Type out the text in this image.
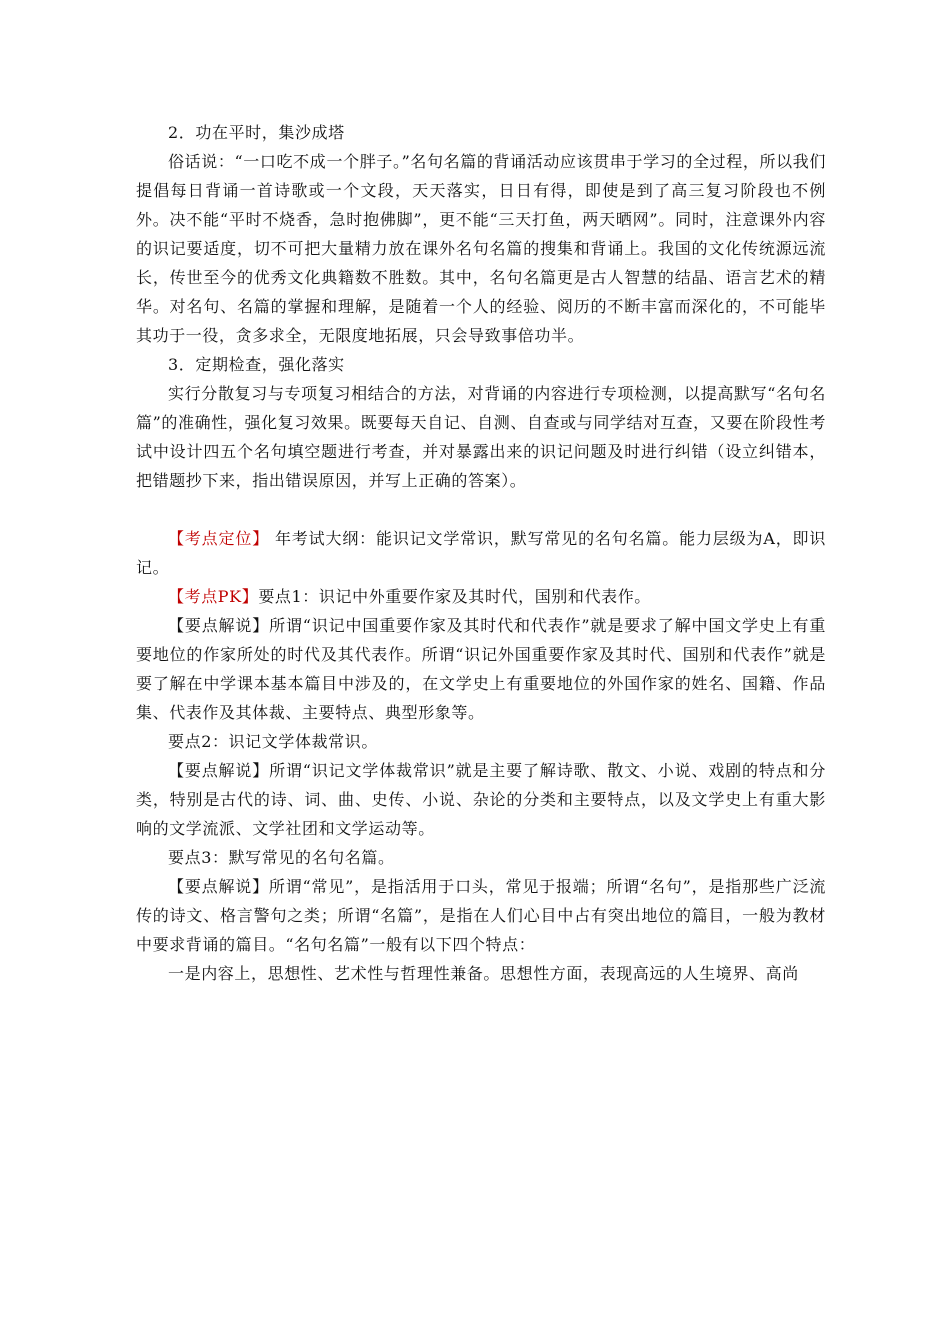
2．功在平时，集沙成塔

俗话说：“一口吃不成一个胖子。”名句名篇的背诵活动应该贯串于学习的全过程，所以我们提倡每日背诵一首诗歌或一个文段，天天落实，日日有得，即使是到了高三复习阶段也不例外。决不能“平时不烧香，急时抱佛脚”，更不能“三天打鱼，两天晒网”。同时，注意课外内容的识记要适度，切不可把大量精力放在课外名句名篇的搜集和背诵上。我国的文化传统源远流长，传世至今的优秀文化典籍数不胜数。其中，名句名篇更是古人智慧的结晶、语言艺术的精华。对名句、名篇的掌握和理解，是随着一个人的经验、阅历的不断丰富而深化的，不可能毕其功于一役，贪多求全，无限度地拓展，只会导致事倍功半。

3．定期检查，强化落实

实行分散复习与专项复习相结合的方法，对背诵的内容进行专项检测，以提高默写“名句名篇”的准确性，强化复习效果。既要每天自记、自测、自查或与同学结对互查，又要在阶段性考试中设计四五个名句填空题进行考查，并对暴露出来的识记问题及时进行纠错（设立纠错本，把错题抄下来，指出错误原因，并写上正确的答案）。

【考点定位】 年考试大纲：能识记文学常识，默写常见的名句名篇。能力层级为A，即识记。

【考点PK】要点1：识记中外重要作家及其时代，国别和代表作。

【要点解说】所谓“识记中国重要作家及其时代和代表作”就是要求了解中国文学史上有重要地位的作家所处的时代及其代表作。所谓“识记外国重要作家及其时代、国别和代表作”就是要了解在中学课本基本篇目中涉及的，在文学史上有重要地位的外国作家的姓名、国籍、作品集、代表作及其体裁、主要特点、典型形象等。

要点2：识记文学体裁常识。

【要点解说】所谓“识记文学体裁常识”就是主要了解诗歌、散文、小说、戏剧的特点和分类，特别是古代的诗、词、曲、史传、小说、杂论的分类和主要特点，以及文学史上有重大影响的文学流派、文学社团和文学运动等。

要点3：默写常见的名句名篇。

【要点解说】所谓“常见”，是指活用于口头，常见于报端；所谓“名句”，是指那些广泛流传的诗文、格言警句之类；所谓“名篇”，是指在人们心目中占有突出地位的篇目，一般为教材中要求背诵的篇目。“名句名篇”一般有以下四个特点：

一是内容上，思想性、艺术性与哲理性兼备。思想性方面，表现高远的人生境界、高尚
